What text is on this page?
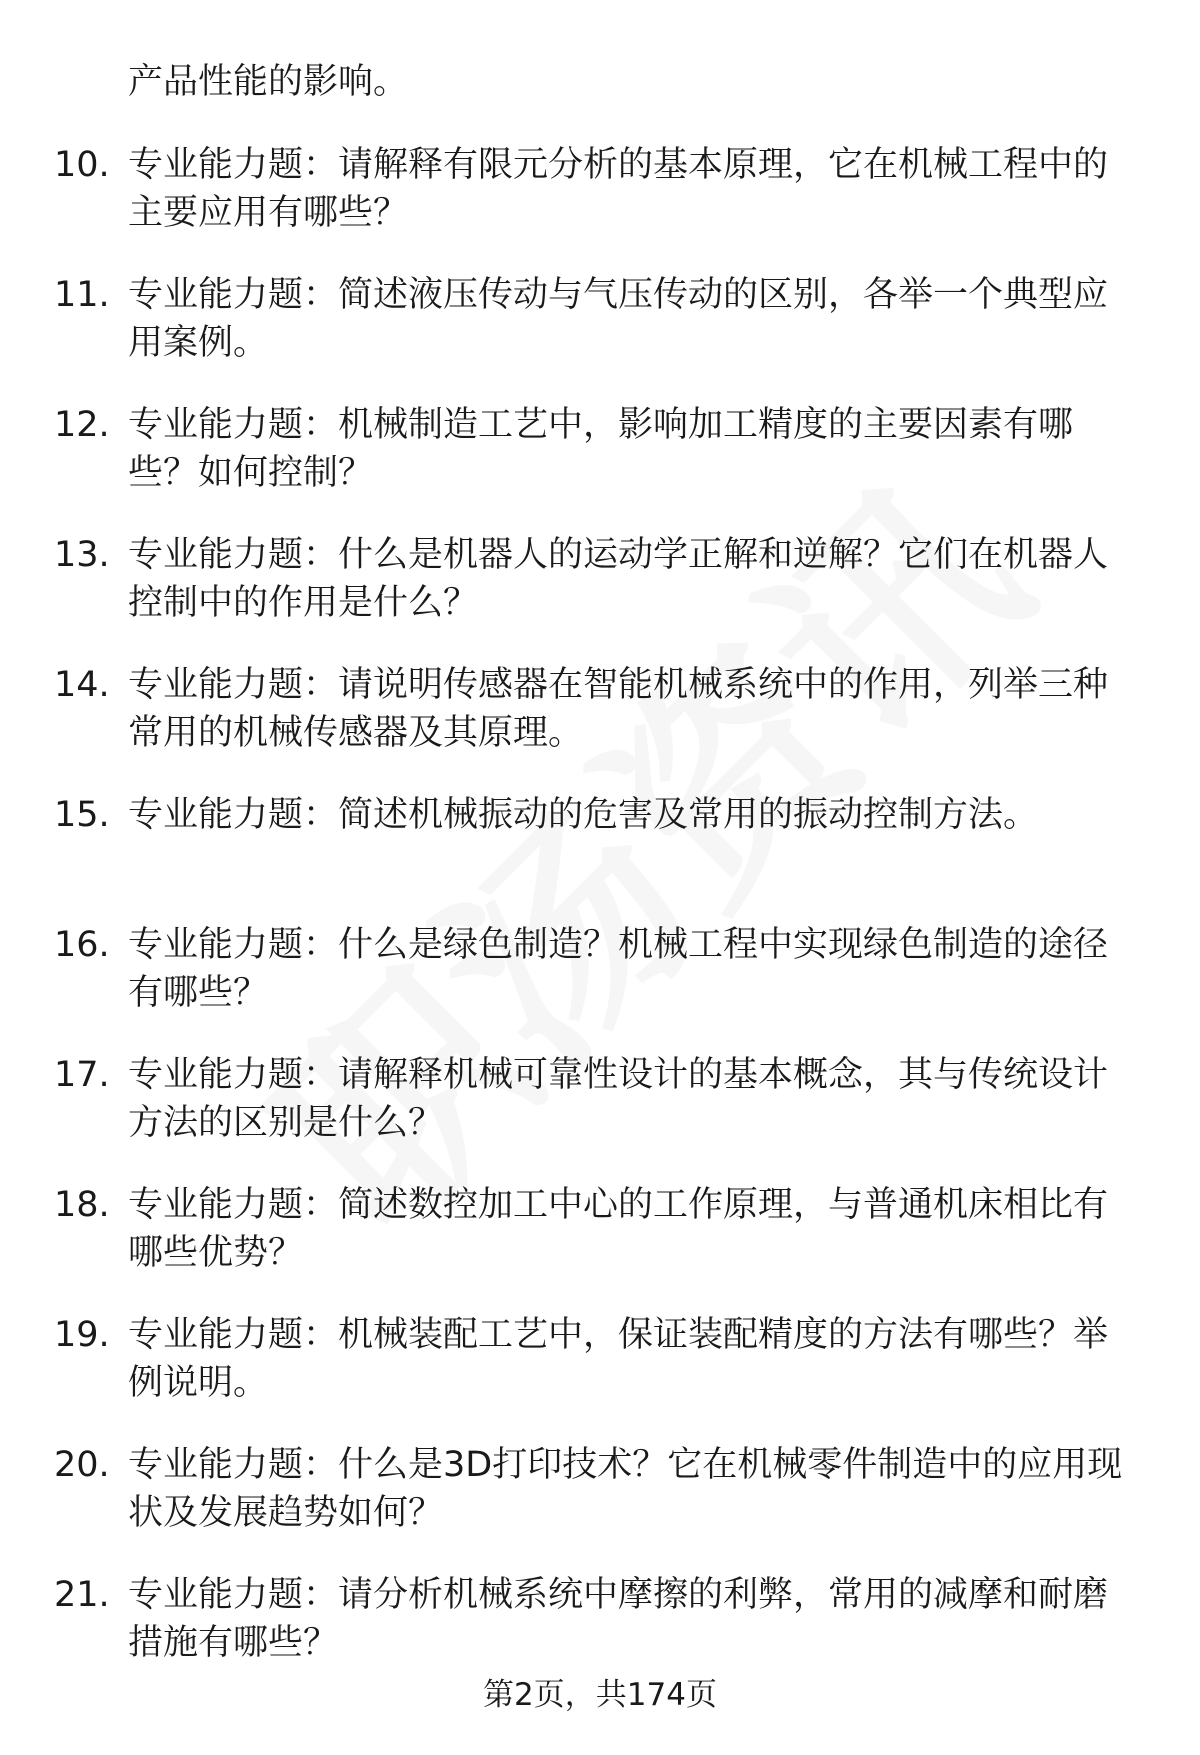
产品性能的影响。
10. 专业能力题：请解释有限元分析的基本原理，它在机械工程中的
主要应用有哪些？
11. 专业能力题：简述液压传动与气压传动的区别，各举一个典型应
用案例。
12. 专业能力题：机械制造工艺中，影响加工精度的主要因素有哪
些？如何控制？
13. 专业能力题：什么是机器人的运动学正解和逆解？它们在机器人
控制中的作用是什么？
14. 专业能力题：请说明传感器在智能机械系统中的作用，列举三种
常用的机械传感器及其原理。
15. 专业能力题：简述机械振动的危害及常用的振动控制方法。
16. 专业能力题：什么是绿色制造？机械工程中实现绿色制造的途径
有哪些？
17. 专业能力题：请解释机械可靠性设计的基本概念，其与传统设计
方法的区别是什么？
18. 专业能力题：简述数控加工中心的工作原理，与普通机床相比有
哪些优势？
19. 专业能力题：机械装配工艺中，保证装配精度的方法有哪些？举
例说明。
20. 专业能力题：什么是3D打印技术？它在机械零件制造中的应用现
状及发展趋势如何？
21. 专业能力题：请分析机械系统中摩擦的利弊，常用的减摩和耐磨
措施有哪些？
第2页，共174页
